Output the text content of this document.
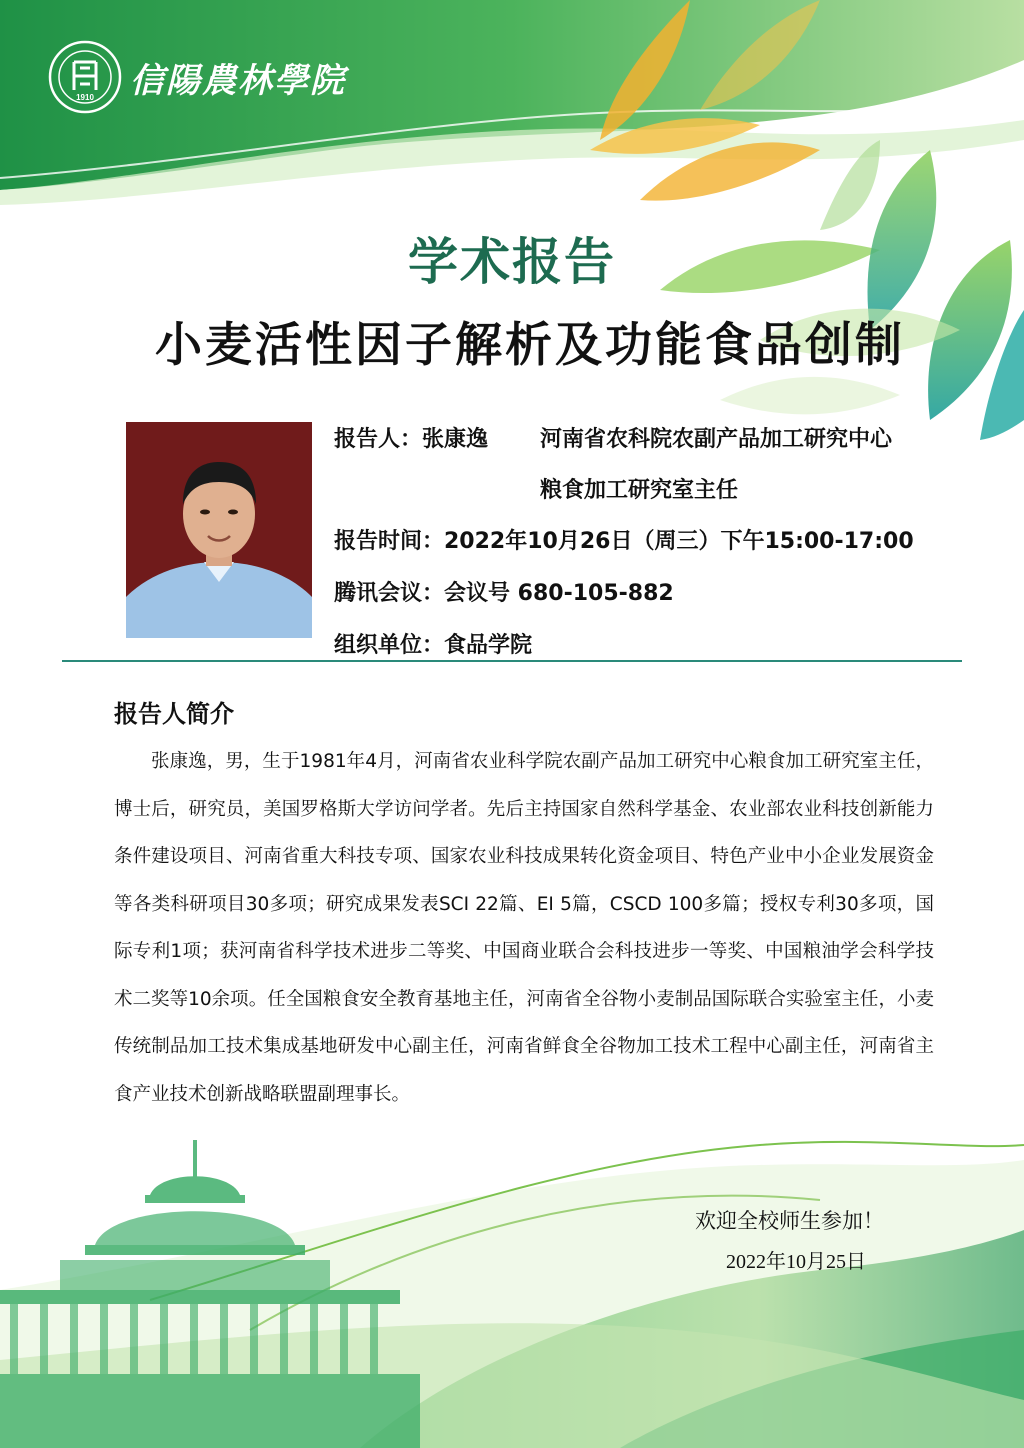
1910 信陽農林學院
学术报告
小麦活性因子解析及功能食品创制
报告人：张康逸 河南省农科院农副产品加工研究中心
粮食加工研究室主任
报告时间：2022年10月26日（周三）下午15:00-17:00
腾讯会议：会议号 680-105-882
组织单位：食品学院
报告人简介
张康逸，男，生于1981年4月，河南省农业科学院农副产品加工研究中心粮食加工研究室主任，博士后，研究员，美国罗格斯大学访问学者。先后主持国家自然科学基金、农业部农业科技创新能力条件建设项目、河南省重大科技专项、国家农业科技成果转化资金项目、特色产业中小企业发展资金等各类科研项目30多项；研究成果发表SCI 22篇、EI 5篇，CSCD 100多篇；授权专利30多项，国际专利1项；获河南省科学技术进步二等奖、中国商业联合会科技进步一等奖、中国粮油学会科学技术二奖等10余项。任全国粮食安全教育基地主任，河南省全谷物小麦制品国际联合实验室主任，小麦传统制品加工技术集成基地研发中心副主任，河南省鲜食全谷物加工技术工程中心副主任，河南省主食产业技术创新战略联盟副理事长。
欢迎全校师生参加！
2022年10月25日
